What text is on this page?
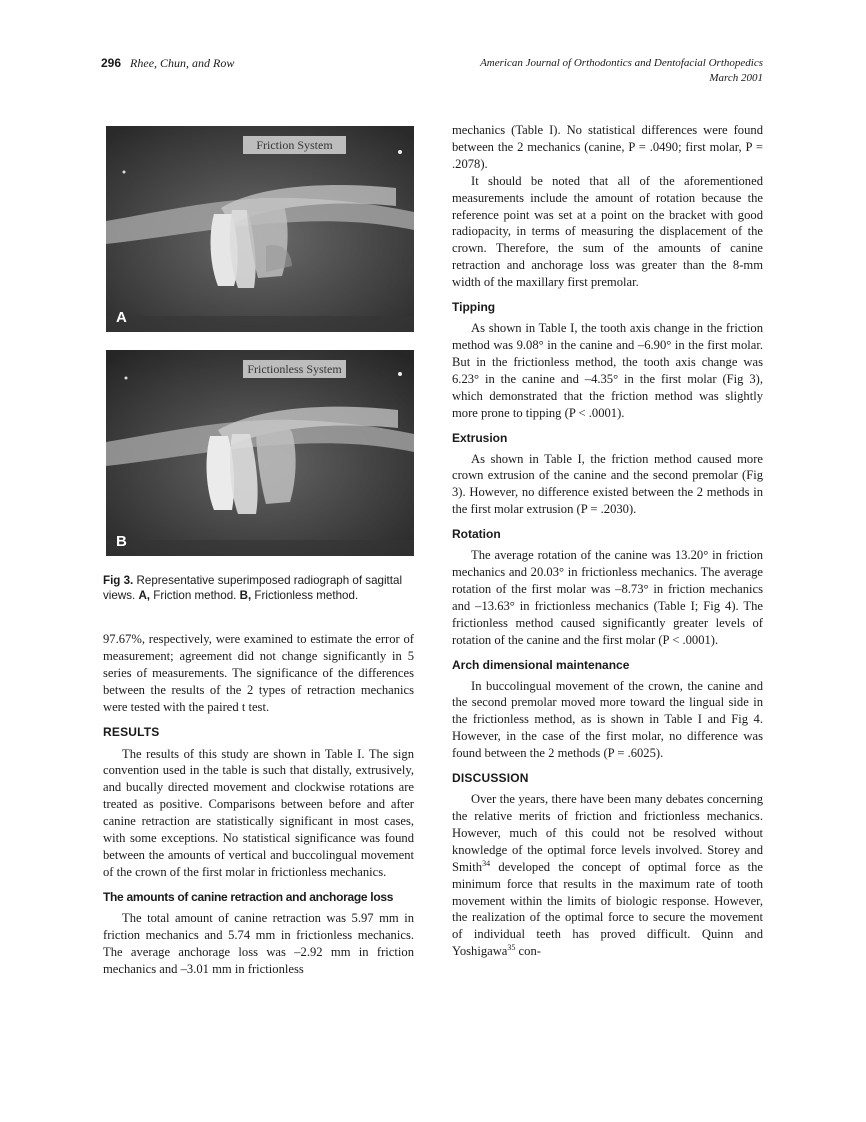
296 Rhee, Chun, and Row	American Journal of Orthodontics and Dentofacial Orthopedics
March 2001
Friction System
A
Frictionless System
B
Fig 3. Representative superimposed radiograph of sagittal views. A, Friction method. B, Frictionless method.

97.67%, respectively, were examined to estimate the error of measurement; agreement did not change significantly in 5 series of measurements. The significance of the differences between the results of the 2 types of retraction mechanics were tested with the paired t test.

RESULTS

The results of this study are shown in Table I. The sign convention used in the table is such that distally, extrusively, and bucally directed movement and clockwise rotations are treated as positive. Comparisons between before and after canine retraction are statistically significant in most cases, with some exceptions. No statistical significance was found between the amounts of vertical and buccolingual movement of the crown of the first molar in frictionless mechanics.

The amounts of canine retraction and anchorage loss

The total amount of canine retraction was 5.97 mm in friction mechanics and 5.74 mm in frictionless mechanics. The average anchorage loss was –2.92 mm in friction mechanics and –3.01 mm in frictionless

mechanics (Table I). No statistical differences were found between the 2 mechanics (canine, P = .0490; first molar, P = .2078).

It should be noted that all of the aforementioned measurements include the amount of rotation because the reference point was set at a point on the bracket with good radiopacity, in terms of measuring the displacement of the crown. Therefore, the sum of the amounts of canine retraction and anchorage loss was greater than the 8-mm width of the maxillary first premolar.

Tipping

As shown in Table I, the tooth axis change in the friction method was 9.08° in the canine and –6.90° in the first molar. But in the frictionless method, the tooth axis change was 6.23° in the canine and –4.35° in the first molar (Fig 3), which demonstrated that the friction method was slightly more prone to tipping (P < .0001).

Extrusion

As shown in Table I, the friction method caused more crown extrusion of the canine and the second premolar (Fig 3). However, no difference existed between the 2 methods in the first molar extrusion (P = .2030).

Rotation

The average rotation of the canine was 13.20° in friction mechanics and 20.03° in frictionless mechanics. The average rotation of the first molar was –8.73° in friction mechanics and –13.63° in frictionless mechanics (Table I; Fig 4). The frictionless method caused significantly greater levels of rotation of the canine and the first molar (P < .0001).

Arch dimensional maintenance

In buccolingual movement of the crown, the canine and the second premolar moved more toward the lingual side in the frictionless method, as is shown in Table I and Fig 4. However, in the case of the first molar, no difference was found between the 2 methods (P = .6025).

DISCUSSION

Over the years, there have been many debates concerning the relative merits of friction and frictionless mechanics. However, much of this could not be resolved without knowledge of the optimal force levels involved. Storey and Smith$^{34}$ developed the concept of optimal force as the minimum force that results in the maximum rate of tooth movement within the limits of biologic response. However, the realization of the optimal force to secure the movement of individual teeth has proved difficult. Quinn and Yoshigawa$^{35}$ con-
